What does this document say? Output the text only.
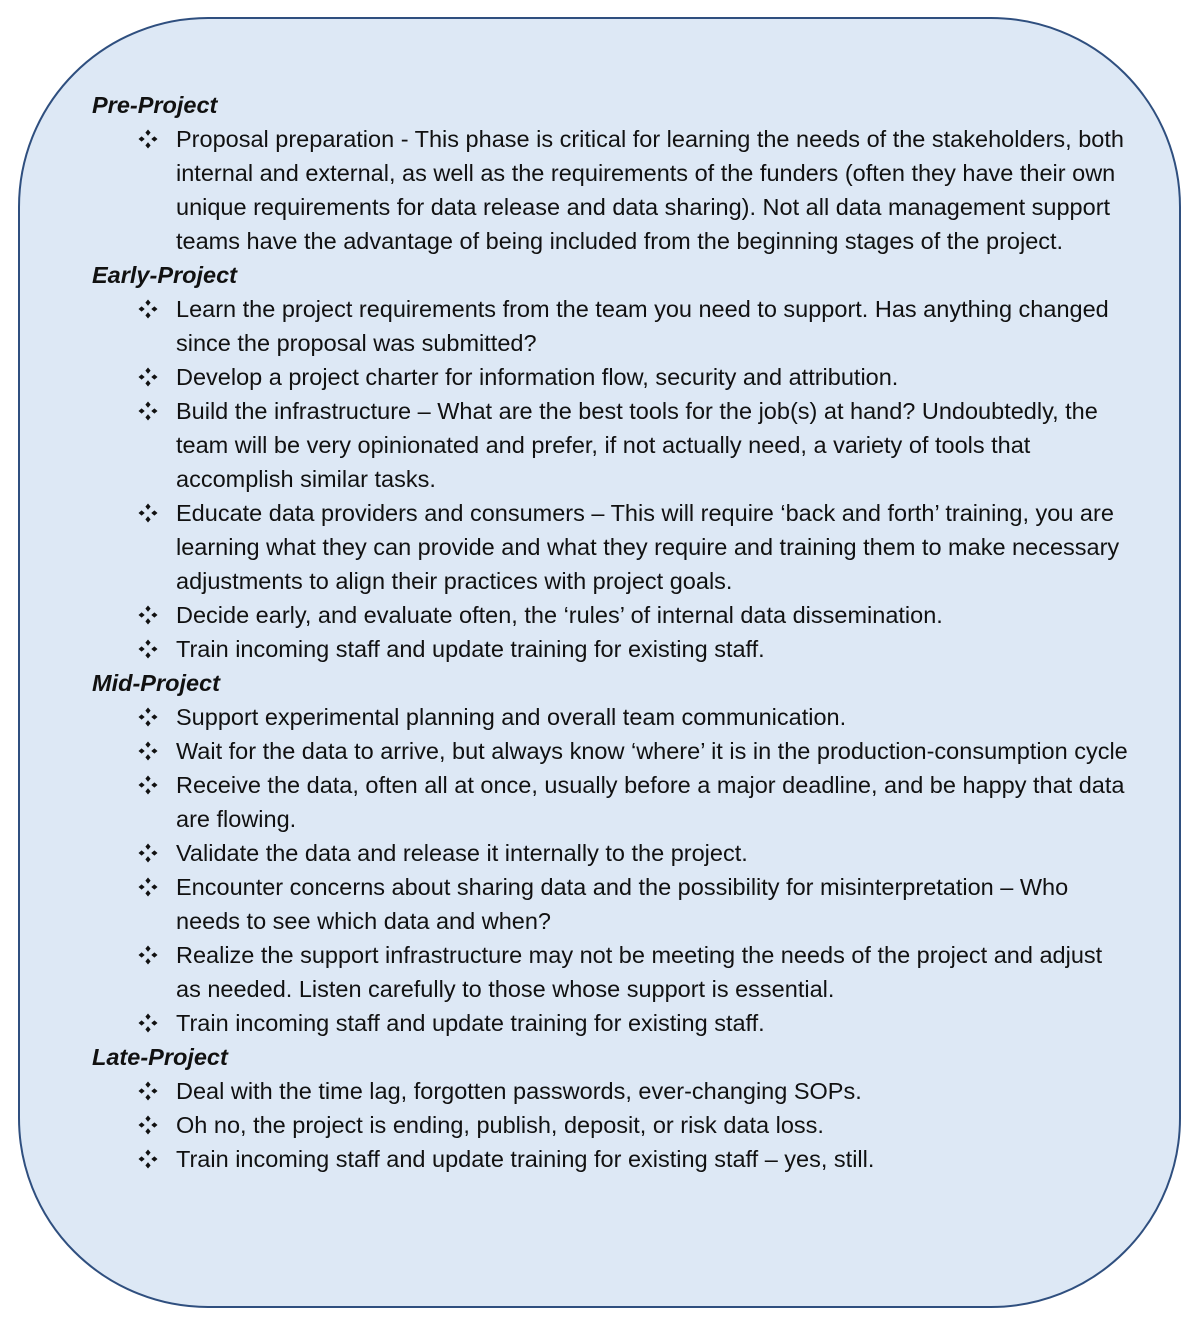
Pre-Project
Proposal preparation - This phase is critical for learning the needs of the stakeholders, both internal and external, as well as the requirements of the funders (often they have their own unique requirements for data release and data sharing). Not all data management support teams have the advantage of being included from the beginning stages of the project.
Early-Project
Learn the project requirements from the team you need to support. Has anything changed since the proposal was submitted?
Develop a project charter for information flow, security and attribution.
Build the infrastructure – What are the best tools for the job(s) at hand? Undoubtedly, the team will be very opinionated and prefer, if not actually need, a variety of tools that accomplish similar tasks.
Educate data providers and consumers – This will require ‘back and forth’ training, you are learning what they can provide and what they require and training them to make necessary adjustments to align their practices with project goals.
Decide early, and evaluate often, the ‘rules’ of internal data dissemination.
Train incoming staff and update training for existing staff.
Mid-Project
Support experimental planning and overall team communication.
Wait for the data to arrive, but always know ‘where’ it is in the production-consumption cycle
Receive the data, often all at once, usually before a major deadline, and be happy that data are flowing.
Validate the data and release it internally to the project.
Encounter concerns about sharing data and the possibility for misinterpretation – Who needs to see which data and when?
Realize the support infrastructure may not be meeting the needs of the project and adjust as needed. Listen carefully to those whose support is essential.
Train incoming staff and update training for existing staff.
Late-Project
Deal with the time lag, forgotten passwords, ever-changing SOPs.
Oh no, the project is ending, publish, deposit, or risk data loss.
Train incoming staff and update training for existing staff – yes, still.
